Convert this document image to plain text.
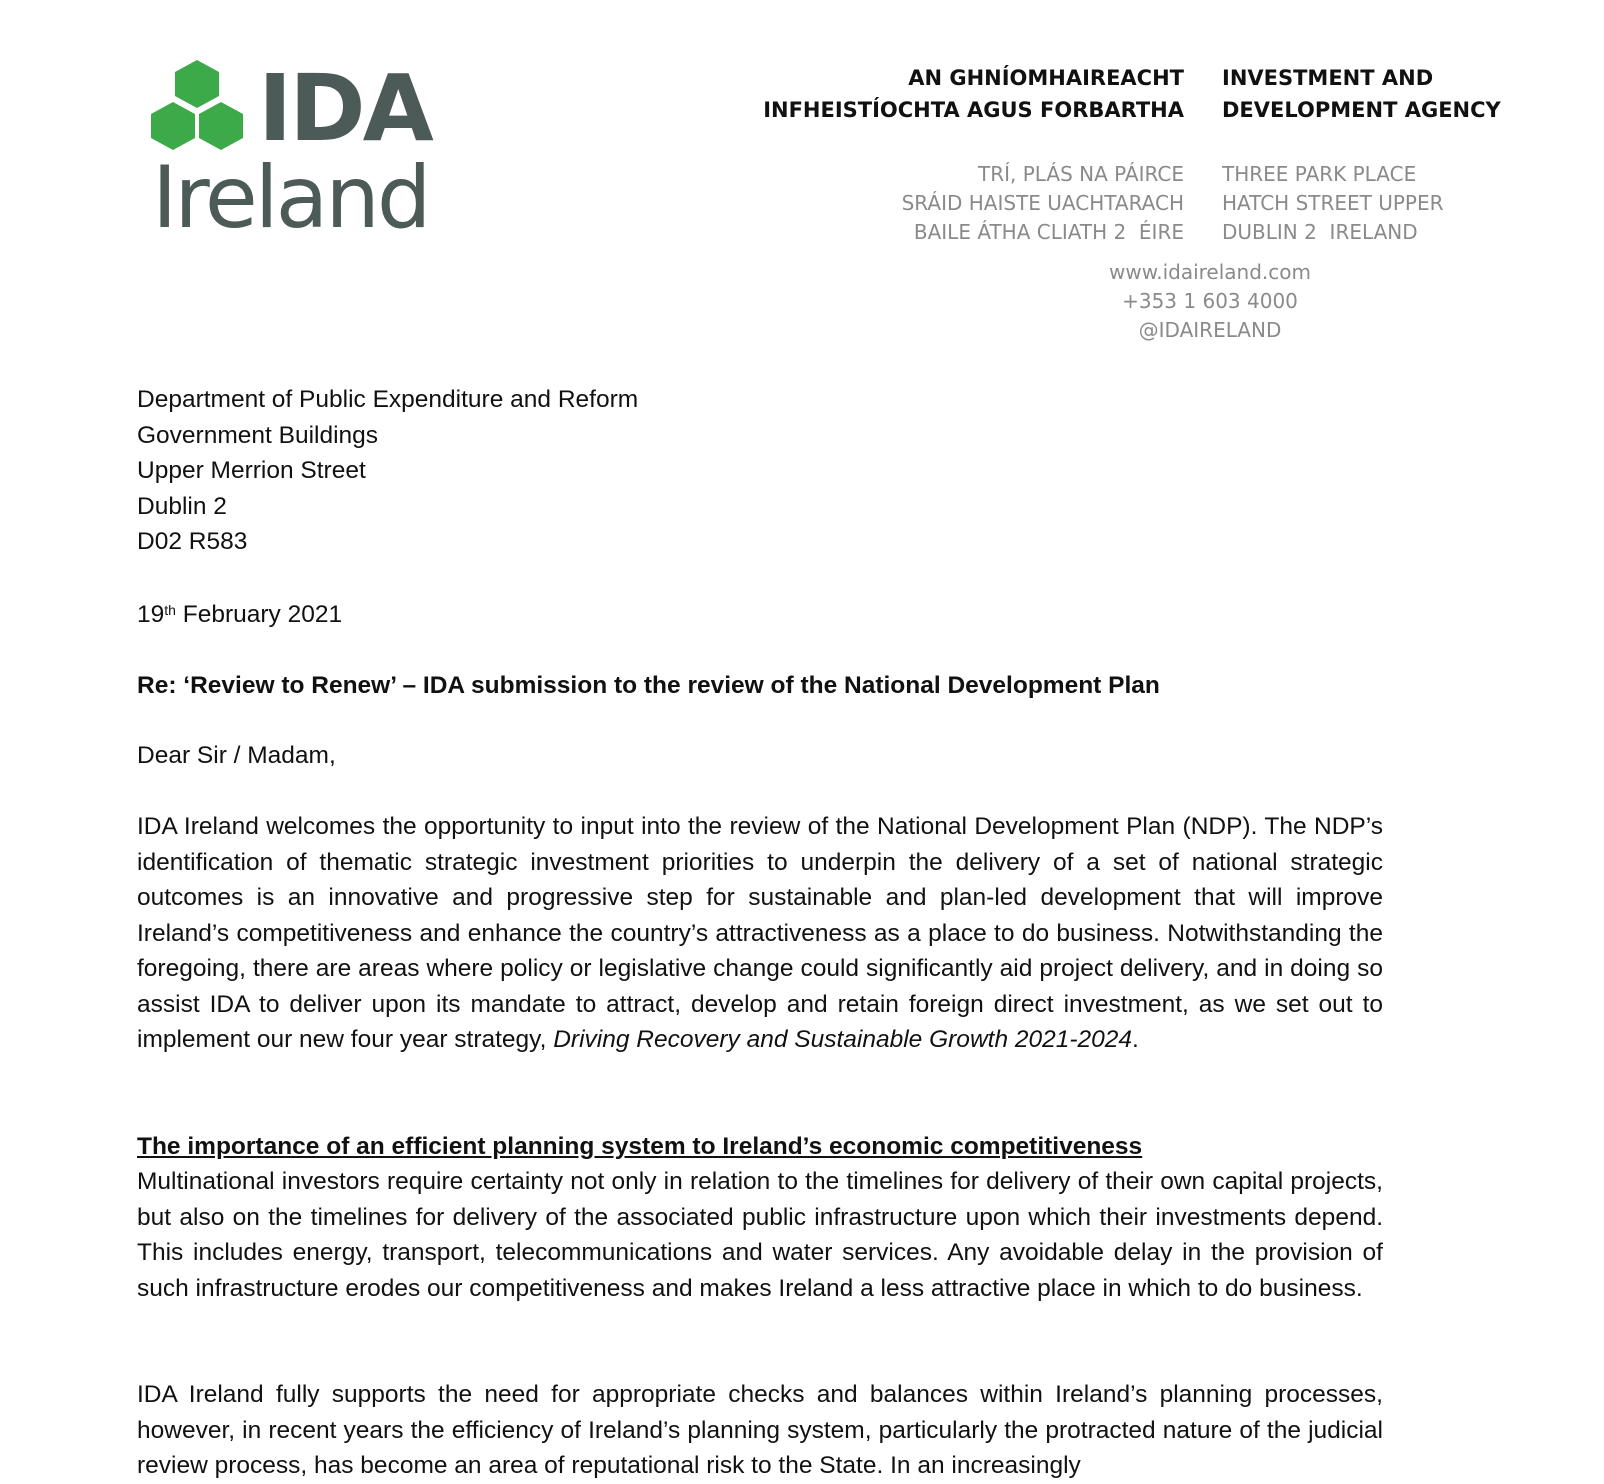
IDA
Ireland
AN GHNÍOMHAIREACHT
INFHEISTÍOCHTA AGUS FORBARTHA
INVESTMENT AND
DEVELOPMENT AGENCY
TRÍ, PLÁS NA PÁIRCE
SRÁID HAISTE UACHTARACH
BAILE ÁTHA CLIATH 2  ÉIRE
THREE PARK PLACE
HATCH STREET UPPER
DUBLIN 2  IRELAND
www.idaireland.com
+353 1 603 4000
@IDAIRELAND
Department of Public Expenditure and Reform
Government Buildings
Upper Merrion Street
Dublin 2
D02 R583
19th February 2021
Re: ‘Review to Renew’ – IDA submission to the review of the National Development Plan
Dear Sir / Madam,
IDA Ireland welcomes the opportunity to input into the review of the National Development Plan (NDP). The NDP’s identification of thematic strategic investment priorities to underpin the delivery of a set of national strategic outcomes is an innovative and progressive step for sustainable and plan-led development that will improve Ireland’s competitiveness and enhance the country’s attractiveness as a place to do business. Notwithstanding the foregoing, there are areas where policy or legislative change could significantly aid project delivery, and in doing so assist IDA to deliver upon its mandate to attract, develop and retain foreign direct investment, as we set out to implement our new four year strategy, Driving Recovery and Sustainable Growth 2021-2024.
The importance of an efficient planning system to Ireland’s economic competitiveness
Multinational investors require certainty not only in relation to the timelines for delivery of their own capital projects, but also on the timelines for delivery of the associated public infrastructure upon which their investments depend. This includes energy, transport, telecommunications and water services. Any avoidable delay in the provision of such infrastructure erodes our competitiveness and makes Ireland a less attractive place in which to do business.
IDA Ireland fully supports the need for appropriate checks and balances within Ireland’s planning processes, however, in recent years the efficiency of Ireland’s planning system, particularly the protracted nature of the judicial review process, has become an area of reputational risk to the State. In an increasingly
